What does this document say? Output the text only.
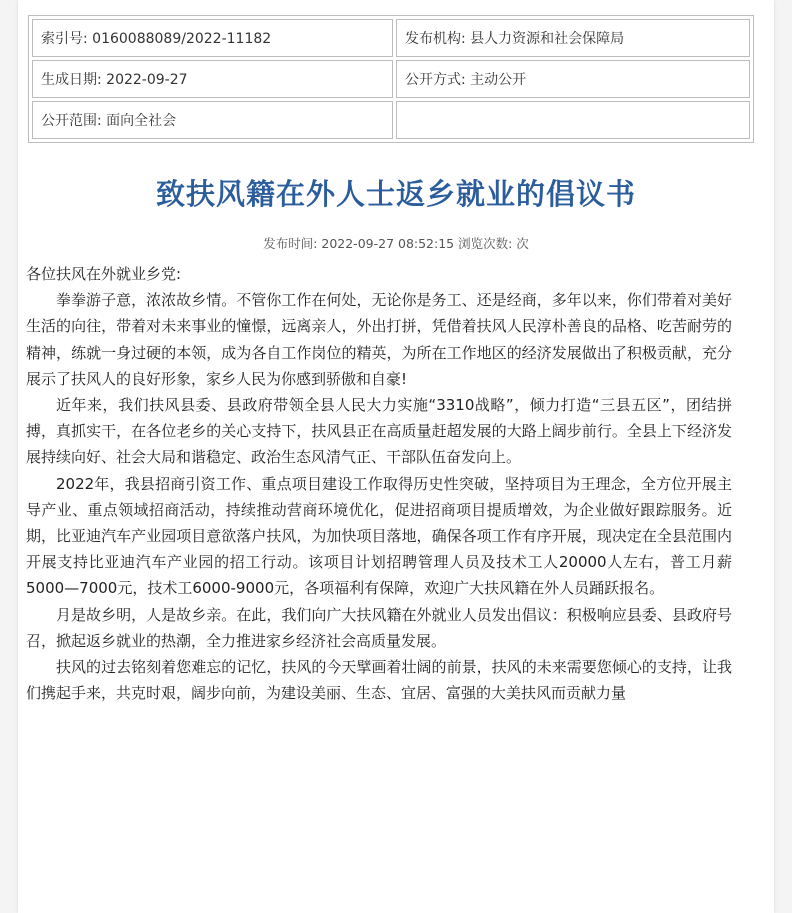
索引号: 0160088089/2022-11182	发布机构: 县人力资源和社会保障局
生成日期: 2022-09-27	公开方式: 主动公开
公开范围: 面向全社会	
致扶风籍在外人士返乡就业的倡议书
发布时间: 2022-09-27 08:52:15 浏览次数: 次

各位扶风在外就业乡党:

拳拳游子意，浓浓故乡情。不管你工作在何处，无论你是务工、还是经商，多年以来，你们带着对美好生活的向往，带着对未来事业的憧憬，远离亲人，外出打拼，凭借着扶风人民淳朴善良的品格、吃苦耐劳的精神，练就一身过硬的本领，成为各自工作岗位的精英，为所在工作地区的经济发展做出了积极贡献，充分展示了扶风人的良好形象，家乡人民为你感到骄傲和自豪!

近年来，我们扶风县委、县政府带领全县人民大力实施“3310战略”，倾力打造“三县五区”，团结拼搏，真抓实干，在各位老乡的关心支持下，扶风县正在高质量赶超发展的大路上阔步前行。全县上下经济发展持续向好、社会大局和谐稳定、政治生态风清气正、干部队伍奋发向上。

2022年，我县招商引资工作、重点项目建设工作取得历史性突破，坚持项目为王理念，全方位开展主导产业、重点领域招商活动，持续推动营商环境优化，促进招商项目提质增效，为企业做好跟踪服务。近期，比亚迪汽车产业园项目意欲落户扶风，为加快项目落地，确保各项工作有序开展，现决定在全县范围内开展支持比亚迪汽车产业园的招工行动。该项目计划招聘管理人员及技术工人20000人左右，普工月薪5000—7000元，技术工6000-9000元，各项福利有保障，欢迎广大扶风籍在外人员踊跃报名。

月是故乡明，人是故乡亲。在此，我们向广大扶风籍在外就业人员发出倡议：积极响应县委、县政府号召，掀起返乡就业的热潮，全力推进家乡经济社会高质量发展。

扶风的过去铭刻着您难忘的记忆，扶风的今天擘画着壮阔的前景，扶风的未来需要您倾心的支持，让我们携起手来，共克时艰，阔步向前，为建设美丽、生态、宜居、富强的大美扶风而贡献力量
